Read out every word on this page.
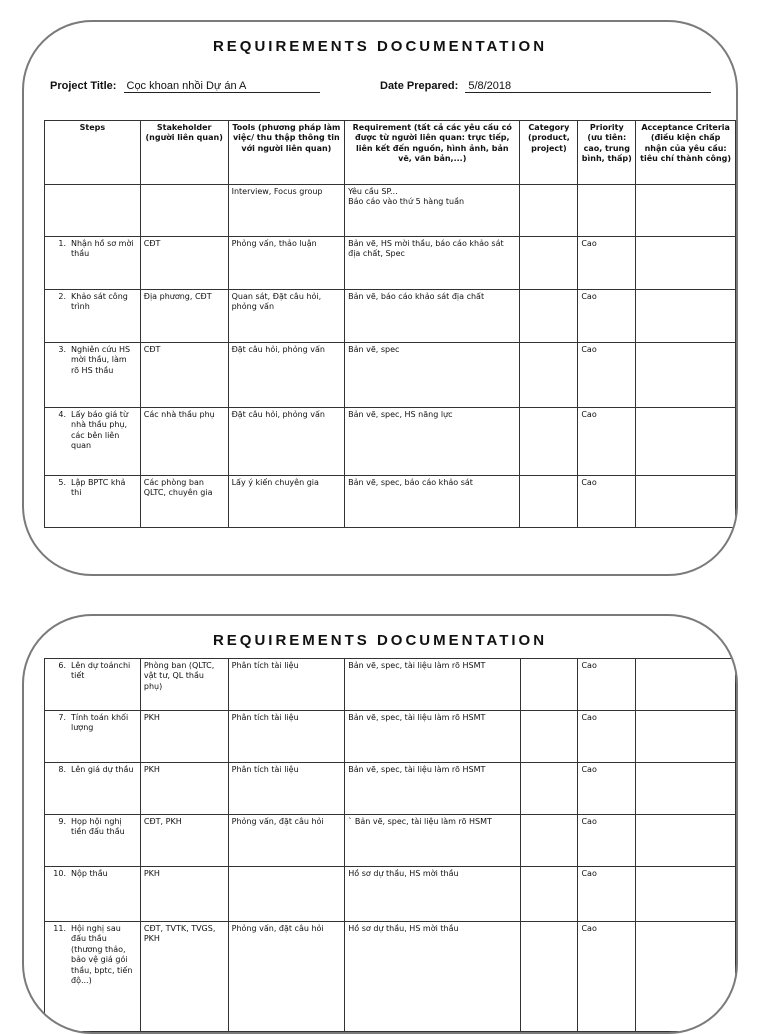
REQUIREMENTS DOCUMENTATION
Project Title: Cọc khoan nhồi Dự án A	Date Prepared: 5/8/2018
Steps	Stakeholder (người liên quan)	Tools (phương pháp làm việc/ thu thập thông tin với người liên quan)	Requirement (tất cả các yêu cầu có được từ người liên quan: trực tiếp, liên kết đến nguồn, hình ảnh, bản vẽ, văn bản,...)	Category (product, project)	Priority (ưu tiên: cao, trung bình, thấp)	Acceptance Criteria (điều kiện chấp nhận của yêu cầu: tiêu chí thành công)

		Interview, Focus group	Yêu cầu SP...
Báo cáo vào thứ 5 hàng tuần			

1. Nhận hồ sơ mời thầu	CĐT	Phỏng vấn, thảo luận	Bản vẽ, HS mời thầu, báo cáo khảo sát địa chất, Spec		Cao	

2. Khảo sát công trình	Địa phương, CĐT	Quan sát, Đặt câu hỏi, phỏng vấn	Bản vẽ, báo cáo khảo sát địa chất		Cao	

3. Nghiên cứu HS mời thầu, làm rõ HS thầu	CĐT	Đặt câu hỏi, phỏng vấn	Bản vẽ, spec		Cao	

4. Lấy báo giá từ nhà thầu phụ, các bên liên quan	Các nhà thầu phụ	Đặt câu hỏi, phỏng vấn	Bản vẽ, spec, HS năng lực		Cao	

5. Lập BPTC khả thi	Các phòng ban QLTC, chuyên gia	Lấy ý kiến chuyên gia	Bản vẽ, spec, báo cáo khảo sát		Cao	
REQUIREMENTS DOCUMENTATION
6. Lên dự toánchi tiết	Phòng ban (QLTC, vật tư, QL thầu phụ)	Phân tích tài liệu	Bản vẽ, spec, tài liệu làm rõ HSMT		Cao	

7. Tính toán khối lượng	PKH	Phân tích tài liệu	Bản vẽ, spec, tài liệu làm rõ HSMT		Cao	

8. Lên giá dự thầu	PKH	Phân tích tài liệu	Bản vẽ, spec, tài liệu làm rõ HSMT		Cao	

9. Họp hội nghị tiền đấu thầu	CĐT, PKH	Phỏng vấn, đặt câu hỏi	` Bản vẽ, spec, tài liệu làm rõ HSMT		Cao	

10. Nộp thầu	PKH		Hồ sơ dự thầu, HS mời thầu		Cao	

11. Hội nghị sau đấu thầu (thương thảo, bảo vệ giá gói thầu, bptc, tiến độ...)	CĐT, TVTK, TVGS, PKH	Phỏng vấn, đặt câu hỏi	Hồ sơ dự thầu, HS mời thầu		Cao	
